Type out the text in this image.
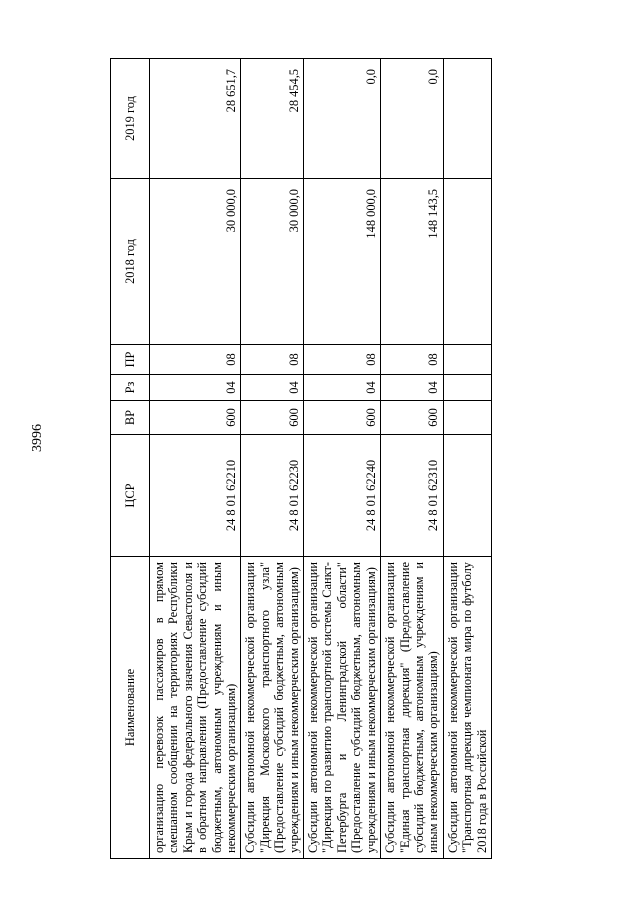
3996
Наименование	ЦСР	ВР	Рз	ПР	2018 год	2019 год
организацию перевозок пассажиров в прямом смешанном сообщении на территориях Республики Крым и города федерального значения Севастополя и в обратном направлении (Предоставление субсидий бюджетным, автономным учреждениям и иным некоммерческим организациям)	24 8 01 62210	600	04	08	30 000,0	28 651,7
Субсидии автономной некоммерческой организации "Дирекция Московского транспортного узла" (Предоставление субсидий бюджетным, автономным учреждениям и иным некоммерческим организациям)	24 8 01 62230	600	04	08	30 000,0	28 454,5
Субсидии автономной некоммерческой организации "Дирекция по развитию транспортной системы Санкт-Петербурга и Ленинградской области" (Предоставление субсидий бюджетным, автономным учреждениям и иным некоммерческим организациям)	24 8 01 62240	600	04	08	148 000,0	0,0
Субсидии автономной некоммерческой организации "Единая транспортная дирекция" (Предоставление субсидий бюджетным, автономным учреждениям и иным некоммерческим организациям)	24 8 01 62310	600	04	08	148 143,5	0,0
Субсидии автономной некоммерческой организации "Транспортная дирекция чемпионата мира по футболу 2018 года в Российской						
